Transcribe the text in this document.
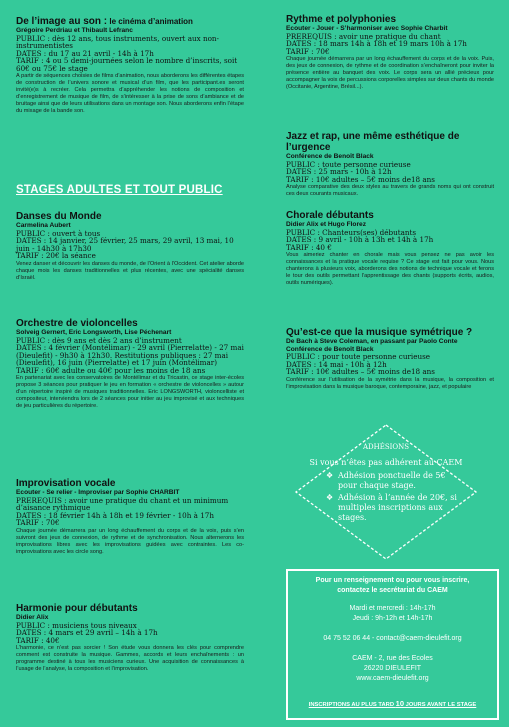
De l’image au son : le cinéma d’animation

Grégoire Perdriau et Thibault Lefranc

PUBLIC : dès 12 ans, tous instruments, ouvert aux non-instrumentistes
DATES : du 17 au 21 avril - 14h à 17h
TARIF : 4 ou 5 demi-journées selon le nombre d’inscrits, soit 60€ ou 75€ le stage

A partir de séquences choisies de films d’animation, nous aborderons les différentes étapes de construction de l’univers sonore et musical d’un film, que les participant.es seront invité(e)s à recréer. Cela permettra d’appréhender les notions de composition et d’enregistrement de musique de film, de s’intéresser à la prise de sons d’ambiance et de bruitage ainsi que de leurs utilisations dans un montage son. Nous aborderons enfin l’étape du mixage de la bande son.

STAGES ADULTES ET TOUT PUBLIC

Danses du Monde

Carmelina Aubert

PUBLIC : ouvert à tous
DATES : 14 janvier, 25 février, 25 mars, 29 avril, 13 mai, 10 juin - 14h30 à 17h30
TARIF : 20€ la séance

Venez danser et découvrir les danses du monde, de l’Orient à l’Occident. Cet atelier aborde chaque mois les danses traditionnelles et plus récentes, avec une spécialité danses d’Israël.

Orchestre de violoncelles

Solveig Gernert, Eric Longsworth, Lise Péchenart

PUBLIC : dès 9 ans et dès 2 ans d’instrument
DATES : 4 février (Montélimar) - 29 avril (Pierrelatte) - 27 mai (Dieulefit) - 9h30 à 12h30. Restitutions publiques : 27 mai (Dieulefit), 16 juin (Pierrelatte) et 17 juin (Montélimar)
TARIF : 60€ adulte ou 40€ pour les moins de 18 ans

En partenariat avec les conservatoires de Montélimar et du Tricastin, ce stage inter-écoles propose 3 séances pour pratiquer le jeu en formation « orchestre de violoncelles » autour d’un répertoire inspiré de musiques traditionnelles. Eric LONGSWORTH, violoncelliste et compositeur, interviendra lors de 2 séances pour initier au jeu improvisé et aux techniques de jeu particulières du répertoire.

Improvisation vocale

Ecouter - Se relier - Improviser par Sophie CHARBIT

PREREQUIS : avoir une pratique du chant et un minimum d’aisance rythmique
DATES : 18 février 14h à 18h et 19 février - 10h à 17h
TARIF : 70€

Chaque journée démarrera par un long échauffement du corps et de la voix, puis s’en suivront des jeux de connexion, de rythme et de synchronisation. Nous alternerons les improvisations libres avec les improvisations guidées avec contraintes. Les co-improvisations avec les circle song.

Harmonie pour débutants

Didier Alix

PUBLIC : musiciens tous niveaux
DATES : 4 mars et 29 avril – 14h à 17h
TARIF : 40€

L’harmonie, ce n’est pas sorcier ! Son étude vous donnera les clés pour comprendre comment est construite la musique. Gammes, accords et leurs enchaînements : un programme destiné à tous les musiciens curieux. Une acquisition de connaissances à l’usage de l’analyse, la composition et l’improvisation.

Rythme et polyphonies

Ecouter - Jouer - S’harmoniser avec Sophie Charbit

PREREQUIS : avoir une pratique du chant
DATES : 18 mars 14h à 18h et 19 mars 10h à 17h
TARIF : 70€

Chaque journée démarrera par un long échauffement du corps et de la voix. Puis, des jeux de connexion, de rythme et de coordination s’enchaîneront pour inviter la présence entière au banquet des voix. Le corps sera un allié précieux pour accompagner la voix de percussions corporelles simples sur deux chants du monde (Occitanie, Argentine, Brésil...).

Jazz et rap, une même esthétique de l’urgence

Conférence de Benoît Black

PUBLIC : toute personne curieuse
DATES : 25 mars - 10h à 12h
TARIF : 10€ adultes – 5€ moins de18 ans

Analyse comparative des deux styles au travers de grands noms qui ont construit ces deux courants musicaux.

Chorale débutants

Didier Alix et Hugo Florez

PUBLIC : Chanteurs(ses) débutants
DATES : 9 avril - 10h à 13h et 14h à 17h
TARIF : 40 €

Vous aimeriez chanter en chorale mais vous pensez ne pas avoir les connaissances et la pratique vocale requise ? Ce stage est fait pour vous. Nous chanterons à plusieurs voix, aborderons des notions de technique vocale et ferons le tour des outils permettant l’apprentissage des chants (supports écrits, audios, outils numériques).

Qu’est-ce que la musique symétrique ?

De Bach à Steve Coleman, en passant par Paolo Conte
Conférence de Benoît Black

PUBLIC : pour toute personne curieuse
DATES : 14 mai - 10h à 12h
TARIF : 10€ adultes – 5€ moins de18 ans

Conférence sur l’utilisation de la symétrie dans la musique, la composition et l’improvisation dans la musique baroque, contemporaine, jazz, et populaire

ADHÉSIONS
Si vous n’êtes pas adhérent au CAEM
❖ Adhésion ponctuelle de 5€ pour chaque stage.
❖ Adhésion à l’année de 20€, si multiples inscriptions aux stages.
Pour un renseignement ou pour vous inscrire,
contactez le secrétariat du CAEM
Mardi et mercredi : 14h-17h
Jeudi : 9h-12h et 14h-17h
04 75 52 06 44 - contact@caem-dieulefit.org
CAEM - 2, rue des Ecoles
26220 DIEULEFIT
www.caem-dieulefit.org
INSCRIPTIONS AU PLUS TARD 10 JOURS AVANT LE STAGE
